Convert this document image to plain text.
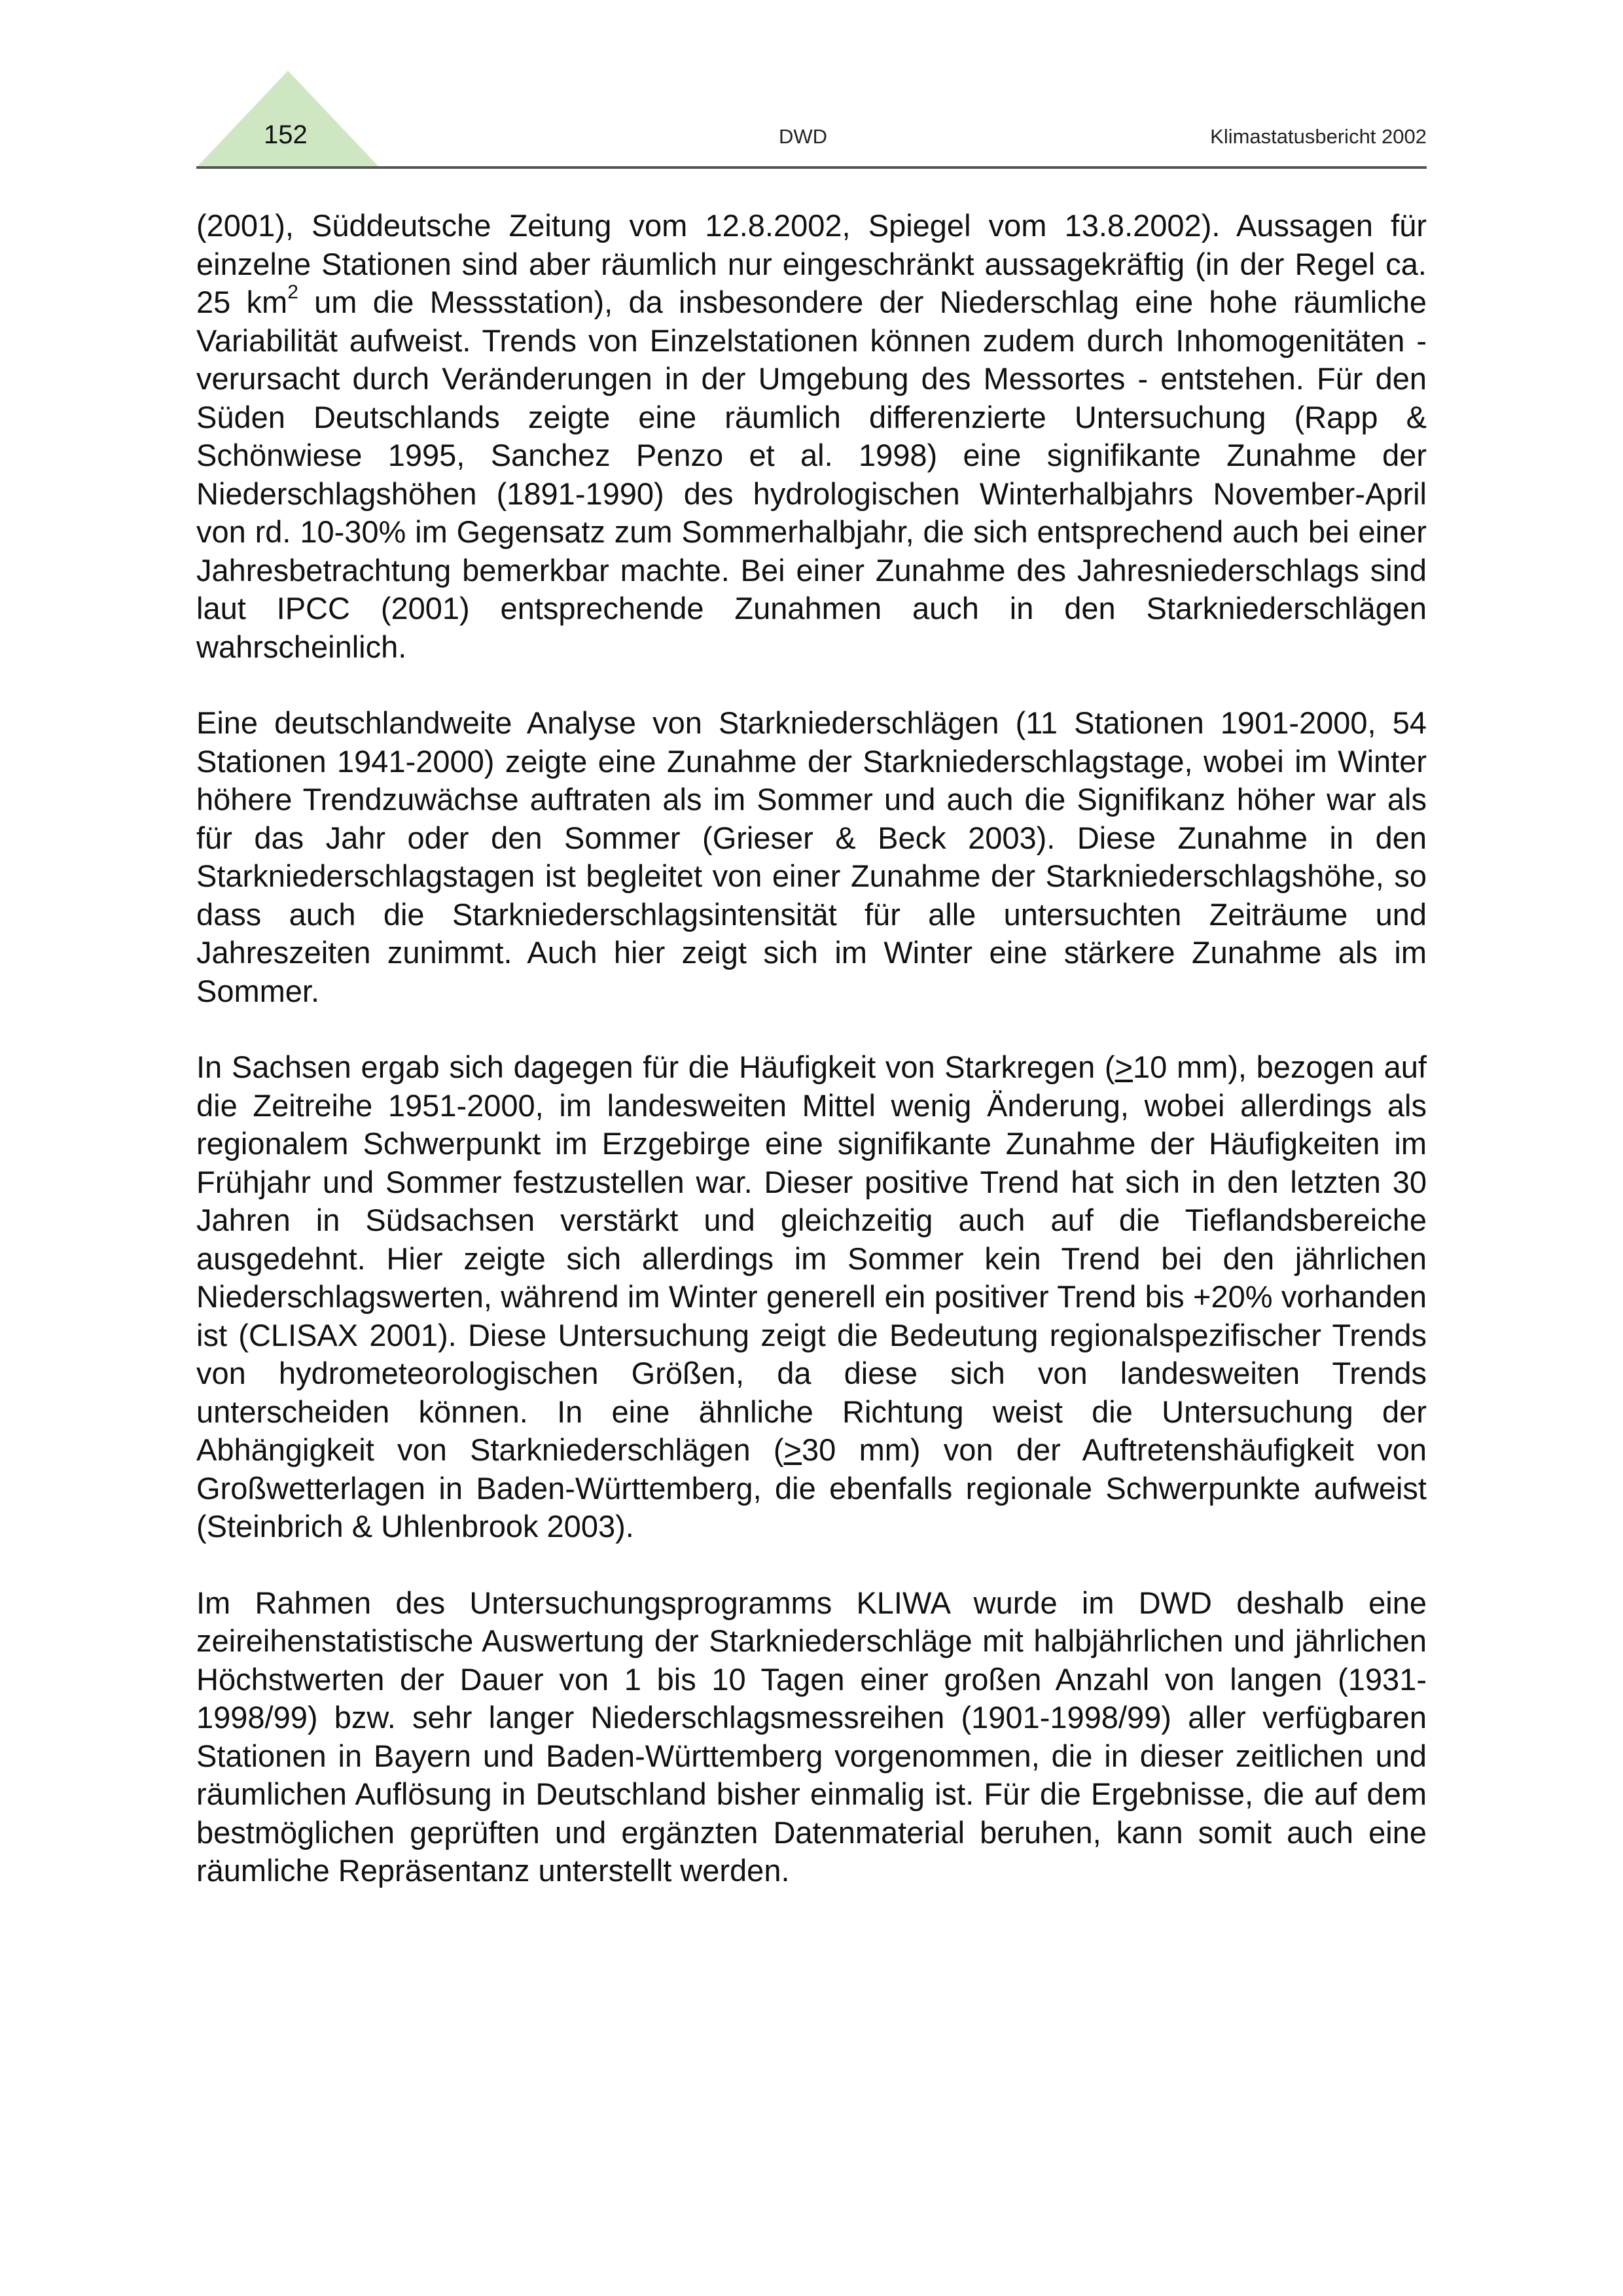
152	DWD	Klimastatusbericht 2002

(2001), Süddeutsche Zeitung vom 12.8.2002, Spiegel vom 13.8.2002). Aussagen für einzelne Stationen sind aber räumlich nur eingeschränkt aussagekräftig (in der Regel ca. 25 $km^2$ um die Messstation), da insbesondere der Niederschlag eine hohe räumliche Variabilität aufweist. Trends von Einzelstationen können zudem durch Inhomogenitäten - verursacht durch Veränderungen in der Umgebung des Messortes - entstehen. Für den Süden Deutschlands zeigte eine räumlich differenzierte Untersuchung (Rapp & Schönwiese 1995, Sanchez Penzo et al. 1998) eine signifikante Zunahme der Niederschlagshöhen (1891-1990) des hydrologischen Winterhalbjahrs November-April von rd. 10-30% im Gegensatz zum Sommerhalbjahr, die sich entsprechend auch bei einer Jahresbetrachtung bemerkbar machte. Bei einer Zunahme des Jahresniederschlags sind laut IPCC (2001) entsprechende Zunahmen auch in den Starkniederschlägen wahrscheinlich.

Eine deutschlandweite Analyse von Starkniederschlägen (11 Stationen 1901-2000, 54 Stationen 1941-2000) zeigte eine Zunahme der Starkniederschlagstage, wobei im Winter höhere Trendzuwächse auftraten als im Sommer und auch die Signifikanz höher war als für das Jahr oder den Sommer (Grieser & Beck 2003). Diese Zunahme in den Starkniederschlagstagen ist begleitet von einer Zunahme der Starkniederschlagshöhe, so dass auch die Starkniederschlagsintensität für alle untersuchten Zeiträume und Jahreszeiten zunimmt. Auch hier zeigt sich im Winter eine stärkere Zunahme als im Sommer.

In Sachsen ergab sich dagegen für die Häufigkeit von Starkregen (≥10 mm), bezogen auf die Zeitreihe 1951-2000, im landesweiten Mittel wenig Änderung, wobei allerdings als regionalem Schwerpunkt im Erzgebirge eine signifikante Zunahme der Häufigkeiten im Frühjahr und Sommer festzustellen war. Dieser positive Trend hat sich in den letzten 30 Jahren in Südsachsen verstärkt und gleichzeitig auch auf die Tieflandsbereiche ausgedehnt. Hier zeigte sich allerdings im Sommer kein Trend bei den jährlichen Niederschlagswerten, während im Winter generell ein positiver Trend bis +20% vorhanden ist (CLISAX 2001). Diese Untersuchung zeigt die Bedeutung regionalspezifischer Trends von hydrometeorologischen Größen, da diese sich von landesweiten Trends unterscheiden können. In eine ähnliche Richtung weist die Untersuchung der Abhängigkeit von Starkniederschlägen (≥30 mm) von der Auftretenshäufigkeit von Großwetterlagen in Baden-Württemberg, die ebenfalls regionale Schwerpunkte aufweist (Steinbrich & Uhlenbrook 2003).

Im Rahmen des Untersuchungsprogramms KLIWA wurde im DWD deshalb eine zeireihenstatistische Auswertung der Starkniederschläge mit halbjährlichen und jährlichen Höchstwerten der Dauer von 1 bis 10 Tagen einer großen Anzahl von langen (1931-1998/99) bzw. sehr langer Niederschlagsmessreihen (1901-1998/99) aller verfügbaren Stationen in Bayern und Baden-Württemberg vorgenommen, die in dieser zeitlichen und räumlichen Auflösung in Deutschland bisher einmalig ist. Für die Ergebnisse, die auf dem bestmöglichen geprüften und ergänzten Datenmaterial beruhen, kann somit auch eine räumliche Repräsentanz unterstellt werden.
